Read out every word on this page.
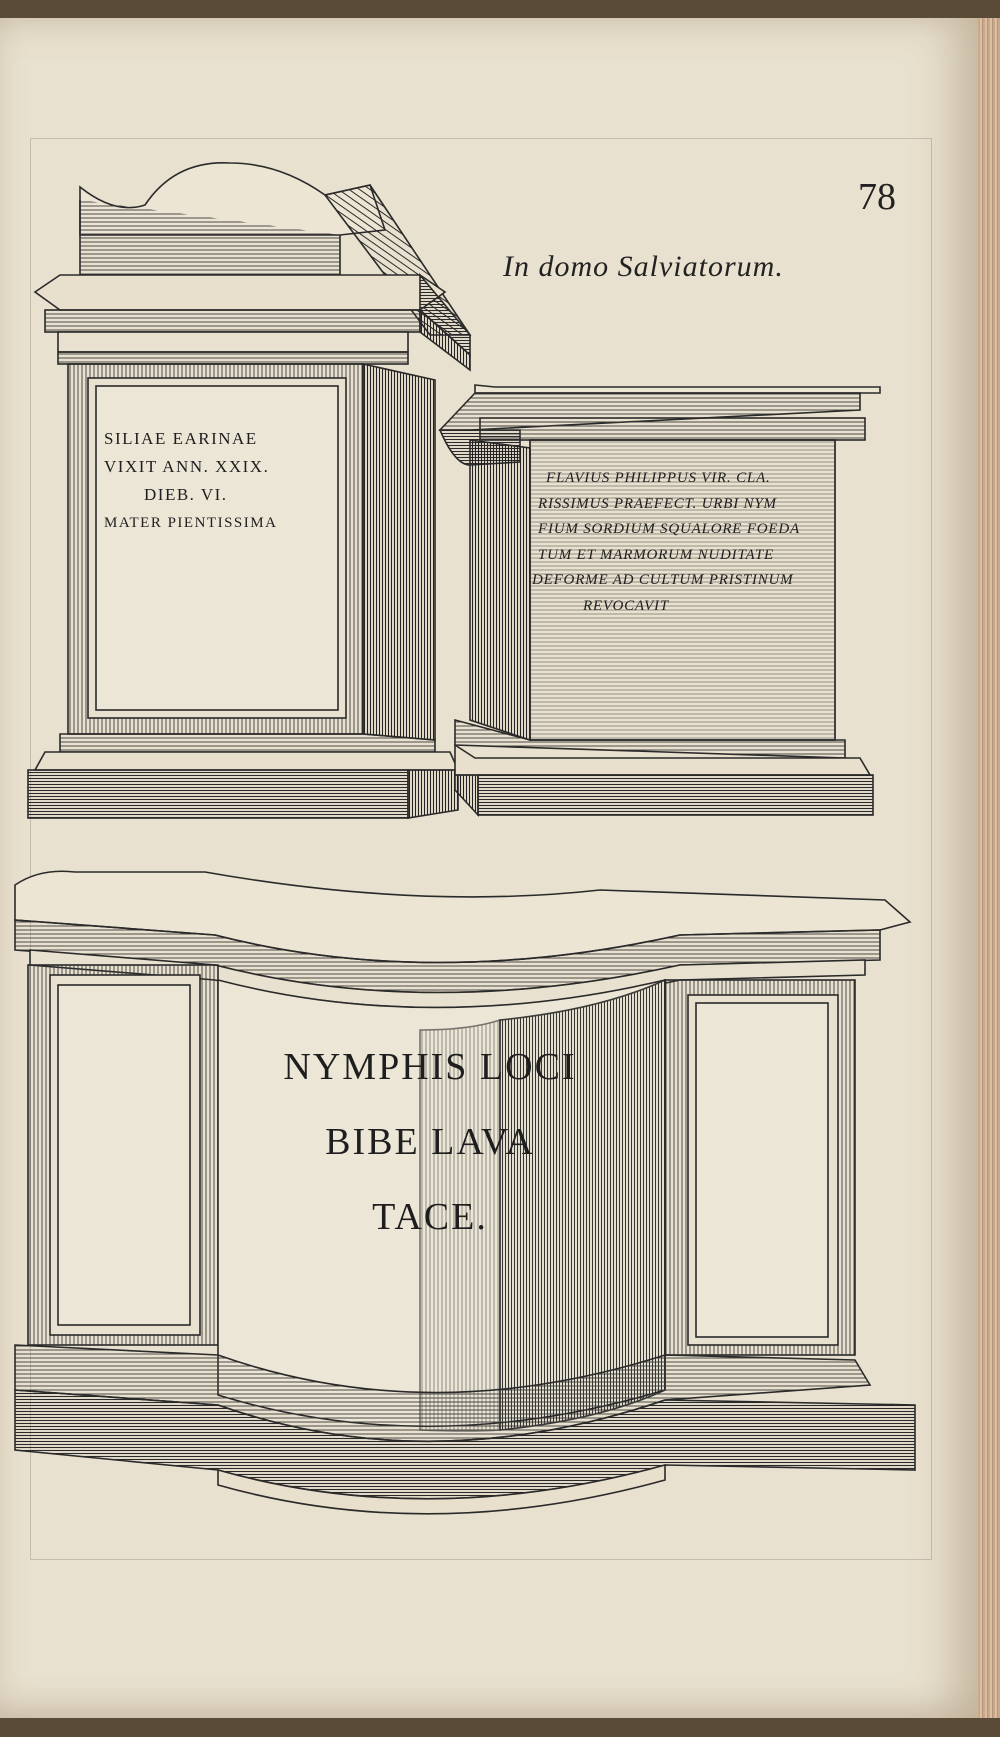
78
In domo Salviatorum.
SILIAE EARINAE
VIXIT ANN. XXIX.
DIEB. VI.
MATER PIENTISSIMA
FLAVIUS PHILIPPUS VIR. CLA.
RISSIMUS PRAEFECT. URBI NYM
FIUM SORDIUM SQUALORE FOEDA
TUM ET MARMORUM NUDITATE
DEFORME AD CULTUM PRISTINUM
REVOCAVIT
NYMPHIS LOCI
BIBE LAVA
TACE.
